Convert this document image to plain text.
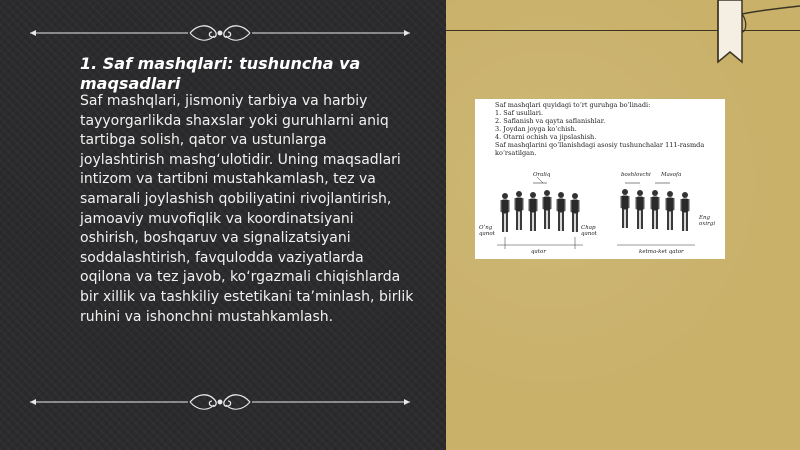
1. Saf mashqlari: tushuncha va maqsadlari
Saf mashqlari, jismoniy tarbiya va harbiy tayyorgarlikda shaxslar yoki guruhlarni aniq tartibga solish, qator va ustunlarga joylashtirish mashg‘ulotidir. Uning maqsadlari intizom va tartibni mustahkamlash, tez va samarali joylashish qobiliyatini rivojlantirish, jamoaviy muvofiqlik va koordinatsiyani oshirish, boshqaruv va signalizatsiyani soddalashtirish, favqulodda vaziyatlarda oqilona va tez javob, ko‘rgazmali chiqishlarda bir xillik va tashkiliy estetikani ta’minlash, birlik ruhini va ishonchni mustahkamlash.
Saf mashqlari quyidagi to‘rt guruhga bo‘linadi:
1. Saf usullari.
2. Saflanish va qayta saflanishlar.
3. Joydan joyga ko‘chish.
4. Otarni ochish va jipslashish.
Saf mashqlarini qo‘llanishdagi asosiy tushunchalar 111-rasmda
ko‘rsatilgan.
Oraliq
O‘ng qanot
Chap qanot
qator
boshlovchi Masofa
Eng oxirgi
ketma-ket qator
